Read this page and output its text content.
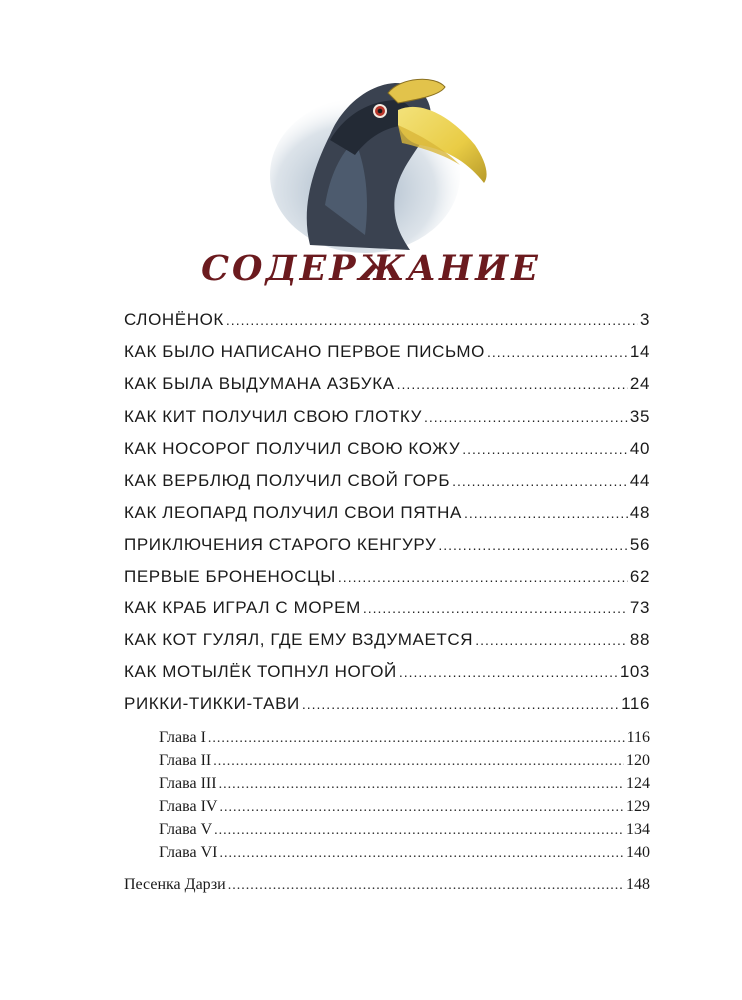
СОДЕРЖАНИЕ
СЛОНЁНОК .....	3
КАК БЫЛО НАПИСАНО ПЕРВОЕ ПИСЬМО .....	14
КАК БЫЛА ВЫДУМАНА АЗБУКА .....	24
КАК КИТ ПОЛУЧИЛ СВОЮ ГЛОТКУ .....	35
КАК НОСОРОГ ПОЛУЧИЛ СВОЮ КОЖУ .....	40
КАК ВЕРБЛЮД ПОЛУЧИЛ СВОЙ ГОРБ .....	44
КАК ЛЕОПАРД ПОЛУЧИЛ СВОИ ПЯТНА .....	48
ПРИКЛЮЧЕНИЯ СТАРОГО КЕНГУРУ .....	56
ПЕРВЫЕ БРОНЕНОСЦЫ .....	62
КАК КРАБ ИГРАЛ С МОРЕМ .....	73
КАК КОТ ГУЛЯЛ, ГДЕ ЕМУ ВЗДУМАЕТСЯ .....	88
КАК МОТЫЛЁК ТОПНУЛ НОГОЙ .....	103
РИККИ-ТИККИ-ТАВИ .....	116
Глава I .....	116
Глава II .....	120
Глава III .....	124
Глава IV .....	129
Глава V .....	134
Глава VI .....	140
Песенка Дарзи .....	148
